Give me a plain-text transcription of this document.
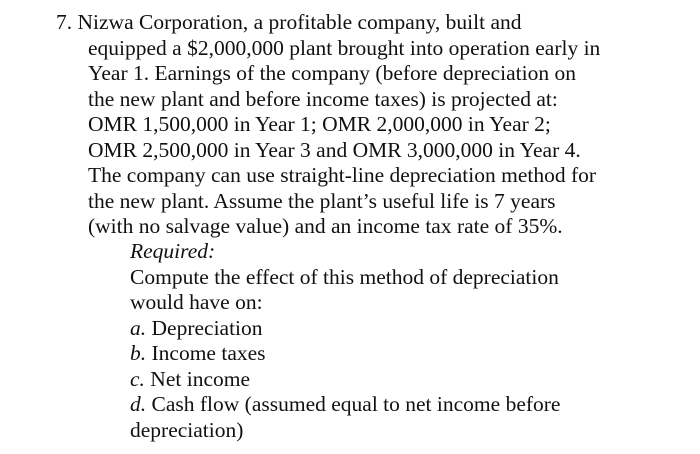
7. Nizwa Corporation, a profitable company, built and
equipped a $2,000,000 plant brought into operation early in
Year 1. Earnings of the company (before depreciation on
the new plant and before income taxes) is projected at:
OMR 1,500,000 in Year 1; OMR 2,000,000 in Year 2;
OMR 2,500,000 in Year 3 and OMR 3,000,000 in Year 4.
The company can use straight-line depreciation method for
the new plant. Assume the plant’s useful life is 7 years
(with no salvage value) and an income tax rate of 35%.
Required:
Compute the effect of this method of depreciation
would have on:
a. Depreciation
b. Income taxes
c. Net income
d. Cash flow (assumed equal to net income before
depreciation)
